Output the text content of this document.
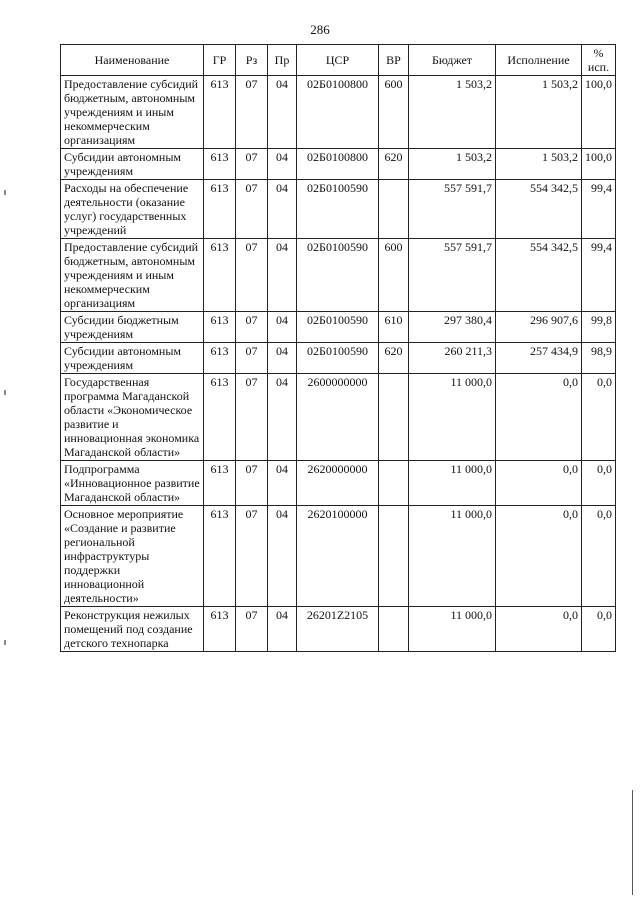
286
Наименование	ГР	Рз	Пр	ЦСР	ВР	Бюджет	Исполнение	% исп.
Предоставление субсидий бюджетным, автономным учреждениям и иным некоммерческим организациям	613	07	04	02Б0100800	600	1 503,2	1 503,2	100,0
Субсидии автономным учреждениям	613	07	04	02Б0100800	620	1 503,2	1 503,2	100,0
Расходы на обеспечение деятельности (оказание услуг) государственных учреждений	613	07	04	02Б0100590		557 591,7	554 342,5	99,4
Предоставление субсидий бюджетным, автономным учреждениям и иным некоммерческим организациям	613	07	04	02Б0100590	600	557 591,7	554 342,5	99,4
Субсидии бюджетным учреждениям	613	07	04	02Б0100590	610	297 380,4	296 907,6	99,8
Субсидии автономным учреждениям	613	07	04	02Б0100590	620	260 211,3	257 434,9	98,9
Государственная программа Магаданской области «Экономическое развитие и инновационная экономика Магаданской области»	613	07	04	2600000000		11 000,0	0,0	0,0
Подпрограмма «Инновационное развитие Магаданской области»	613	07	04	2620000000		11 000,0	0,0	0,0
Основное мероприятие «Создание и развитие региональной инфраструктуры поддержки инновационной деятельности»	613	07	04	2620100000		11 000,0	0,0	0,0
Реконструкция нежилых помещений под создание детского технопарка	613	07	04	26201Z2105		11 000,0	0,0	0,0
